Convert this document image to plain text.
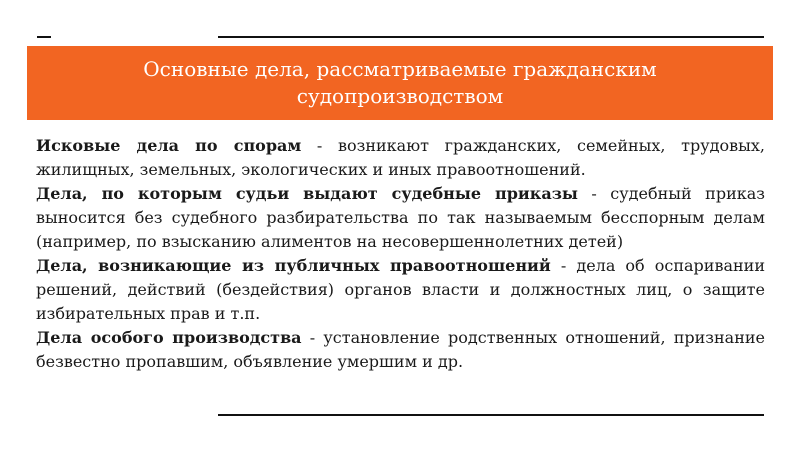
Основные дела, рассматриваемые гражданским судопроизводством

Исковые дела по спорам - возникают гражданских, семейных, трудовых, жилищных, земельных, экологических и иных правоотношений.

Дела, по которым судьи выдают судебные приказы - судебный приказ выносится без судебного разбирательства по так называемым бесспорным делам (например, по взысканию алиментов на несовершеннолетних детей)

Дела, возникающие из публичных правоотношений - дела об оспаривании решений, действий (бездействия) органов власти и должностных лиц, о защите избирательных прав и т.п.

Дела особого производства - установление родственных отношений, признание безвестно пропавшим, объявление умершим и др.
